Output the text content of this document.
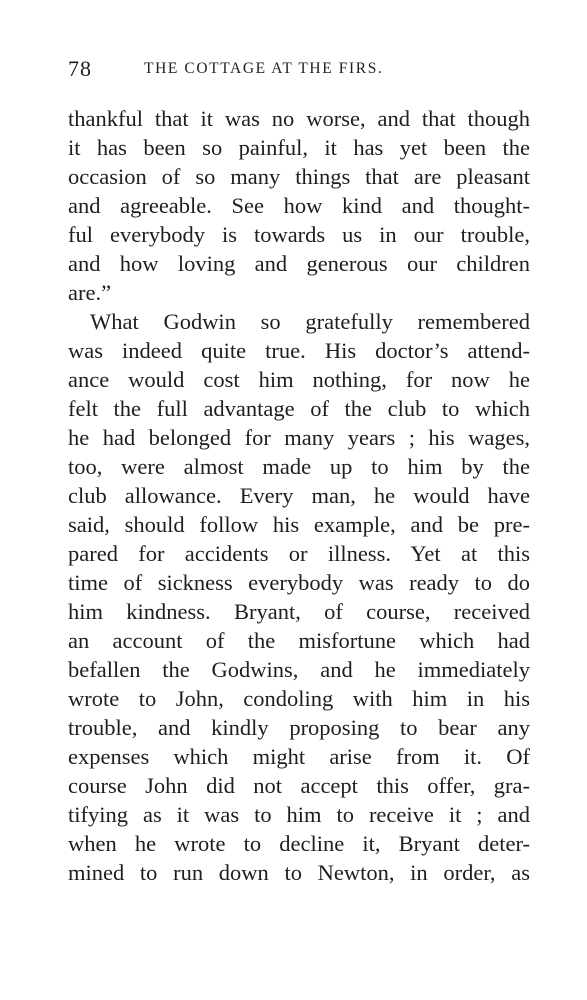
78	THE COTTAGE AT THE FIRS.
thankful that it was no worse, and that though
it has been so painful, it has yet been the
occasion of so many things that are pleasant
and agreeable. See how kind and thought-
ful everybody is towards us in our trouble,
and how loving and generous our children
are.”
What Godwin so gratefully remembered
was indeed quite true. His doctor’s attend-
ance would cost him nothing, for now he
felt the full advantage of the club to which
he had belonged for many years ; his wages,
too, were almost made up to him by the
club allowance. Every man, he would have
said, should follow his example, and be pre-
pared for accidents or illness. Yet at this
time of sickness everybody was ready to do
him kindness. Bryant, of course, received
an account of the misfortune which had
befallen the Godwins, and he immediately
wrote to John, condoling with him in his
trouble, and kindly proposing to bear any
expenses which might arise from it. Of
course John did not accept this offer, gra-
tifying as it was to him to receive it ; and
when he wrote to decline it, Bryant deter-
mined to run down to Newton, in order, as
